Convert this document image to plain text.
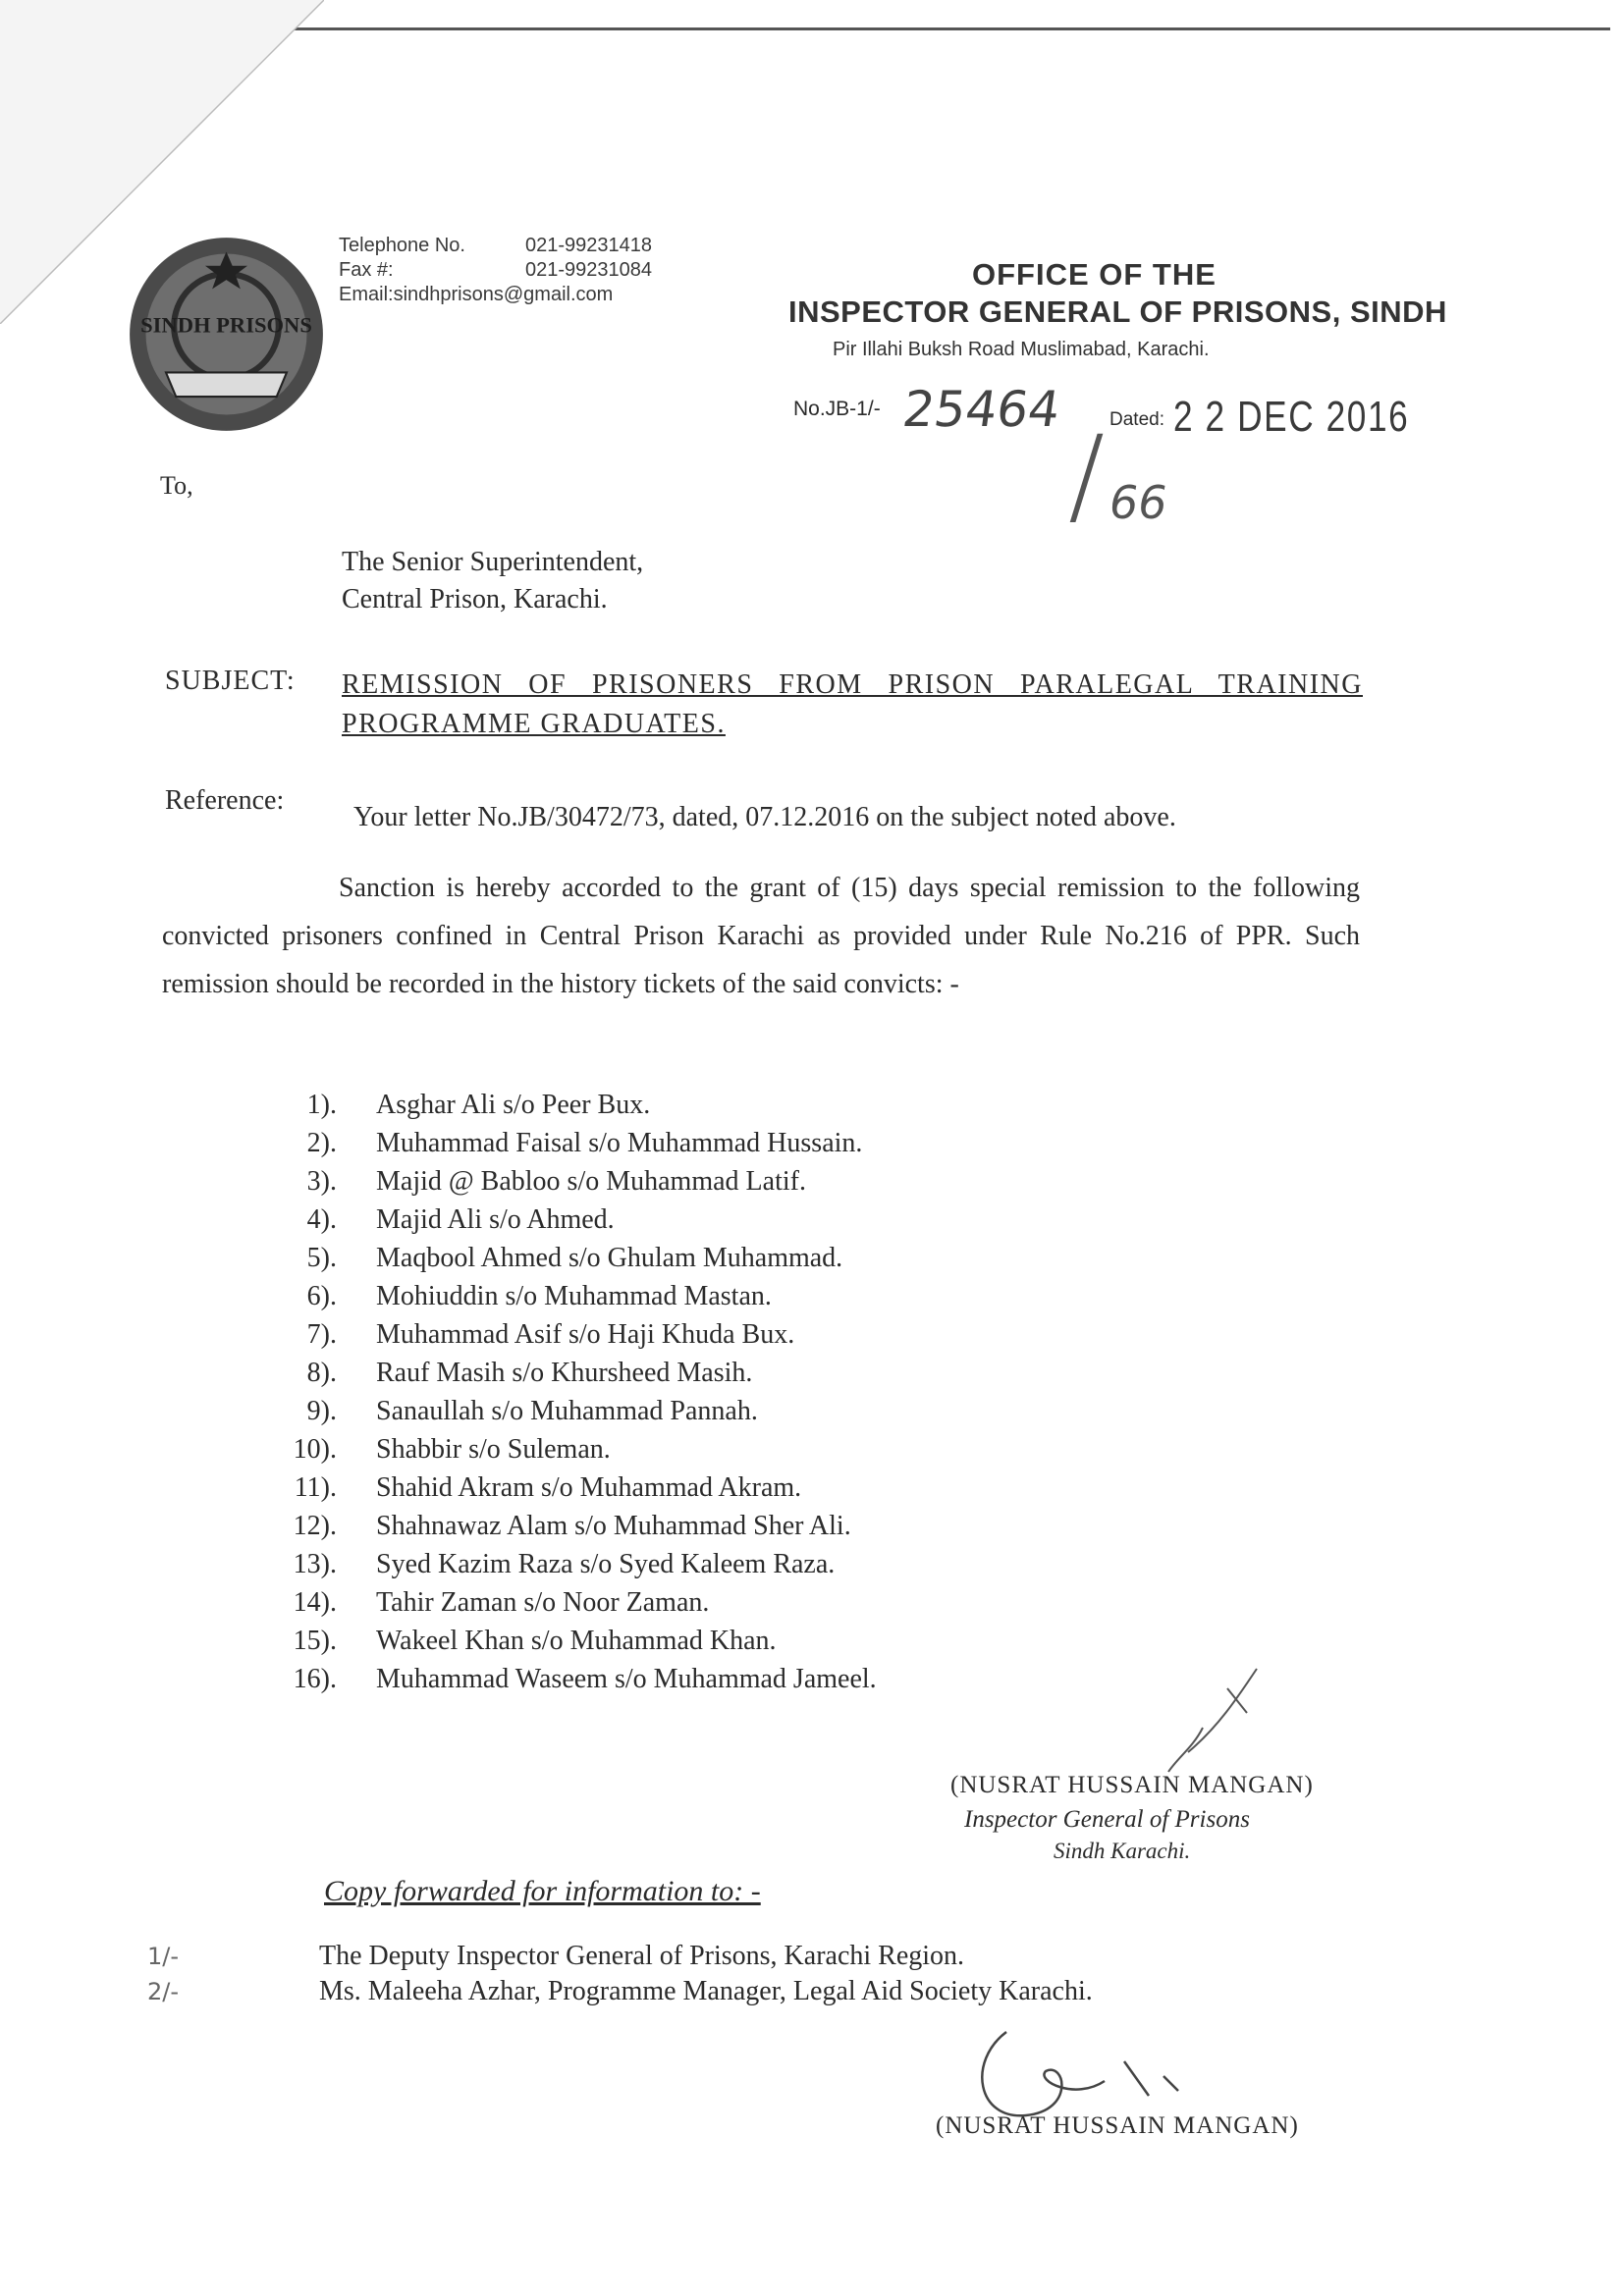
SINDH PRISONS
Telephone No.	021-99231418
Fax #:	021-99231084
Email:sindhprisons@gmail.com
OFFICE OF THE
INSPECTOR GENERAL OF PRISONS, SINDH
Pir Illahi Buksh Road Muslimabad, Karachi.
No.JB-1/- 25464
/ Dated: 2 2 DEC 2016
66
To,
The Senior Superintendent,
Central Prison, Karachi.
SUBJECT: REMISSION OF PRISONERS FROM PRISON PARALEGAL TRAINING PROGRAMME GRADUATES.
Reference:
Your letter No.JB/30472/73, dated, 07.12.2016 on the subject noted above.
Sanction is hereby accorded to the grant of (15) days special remission to the following convicted prisoners confined in Central Prison Karachi as provided under Rule No.216 of PPR. Such remission should be recorded in the history tickets of the said convicts: -
1).	Asghar Ali s/o Peer Bux.
2).	Muhammad Faisal s/o Muhammad Hussain.
3).	Majid @ Babloo s/o Muhammad Latif.
4).	Majid Ali s/o Ahmed.
5).	Maqbool Ahmed s/o Ghulam Muhammad.
6).	Mohiuddin s/o Muhammad Mastan.
7).	Muhammad Asif s/o Haji Khuda Bux.
8).	Rauf Masih s/o Khursheed Masih.
9).	Sanaullah s/o Muhammad Pannah.
10).	Shabbir s/o Suleman.
11).	Shahid Akram s/o Muhammad Akram.
12).	Shahnawaz Alam s/o Muhammad Sher Ali.
13).	Syed Kazim Raza s/o Syed Kaleem Raza.
14).	Tahir Zaman s/o Noor Zaman.
15).	Wakeel Khan s/o Muhammad Khan.
16).	Muhammad Waseem s/o Muhammad Jameel.
(NUSRAT HUSSAIN MANGAN)
Inspector General of Prisons
Sindh Karachi.
Copy forwarded for information to: -
1/-	The Deputy Inspector General of Prisons, Karachi Region.
2/-	Ms. Maleeha Azhar, Programme Manager, Legal Aid Society Karachi.
(NUSRAT HUSSAIN MANGAN)
